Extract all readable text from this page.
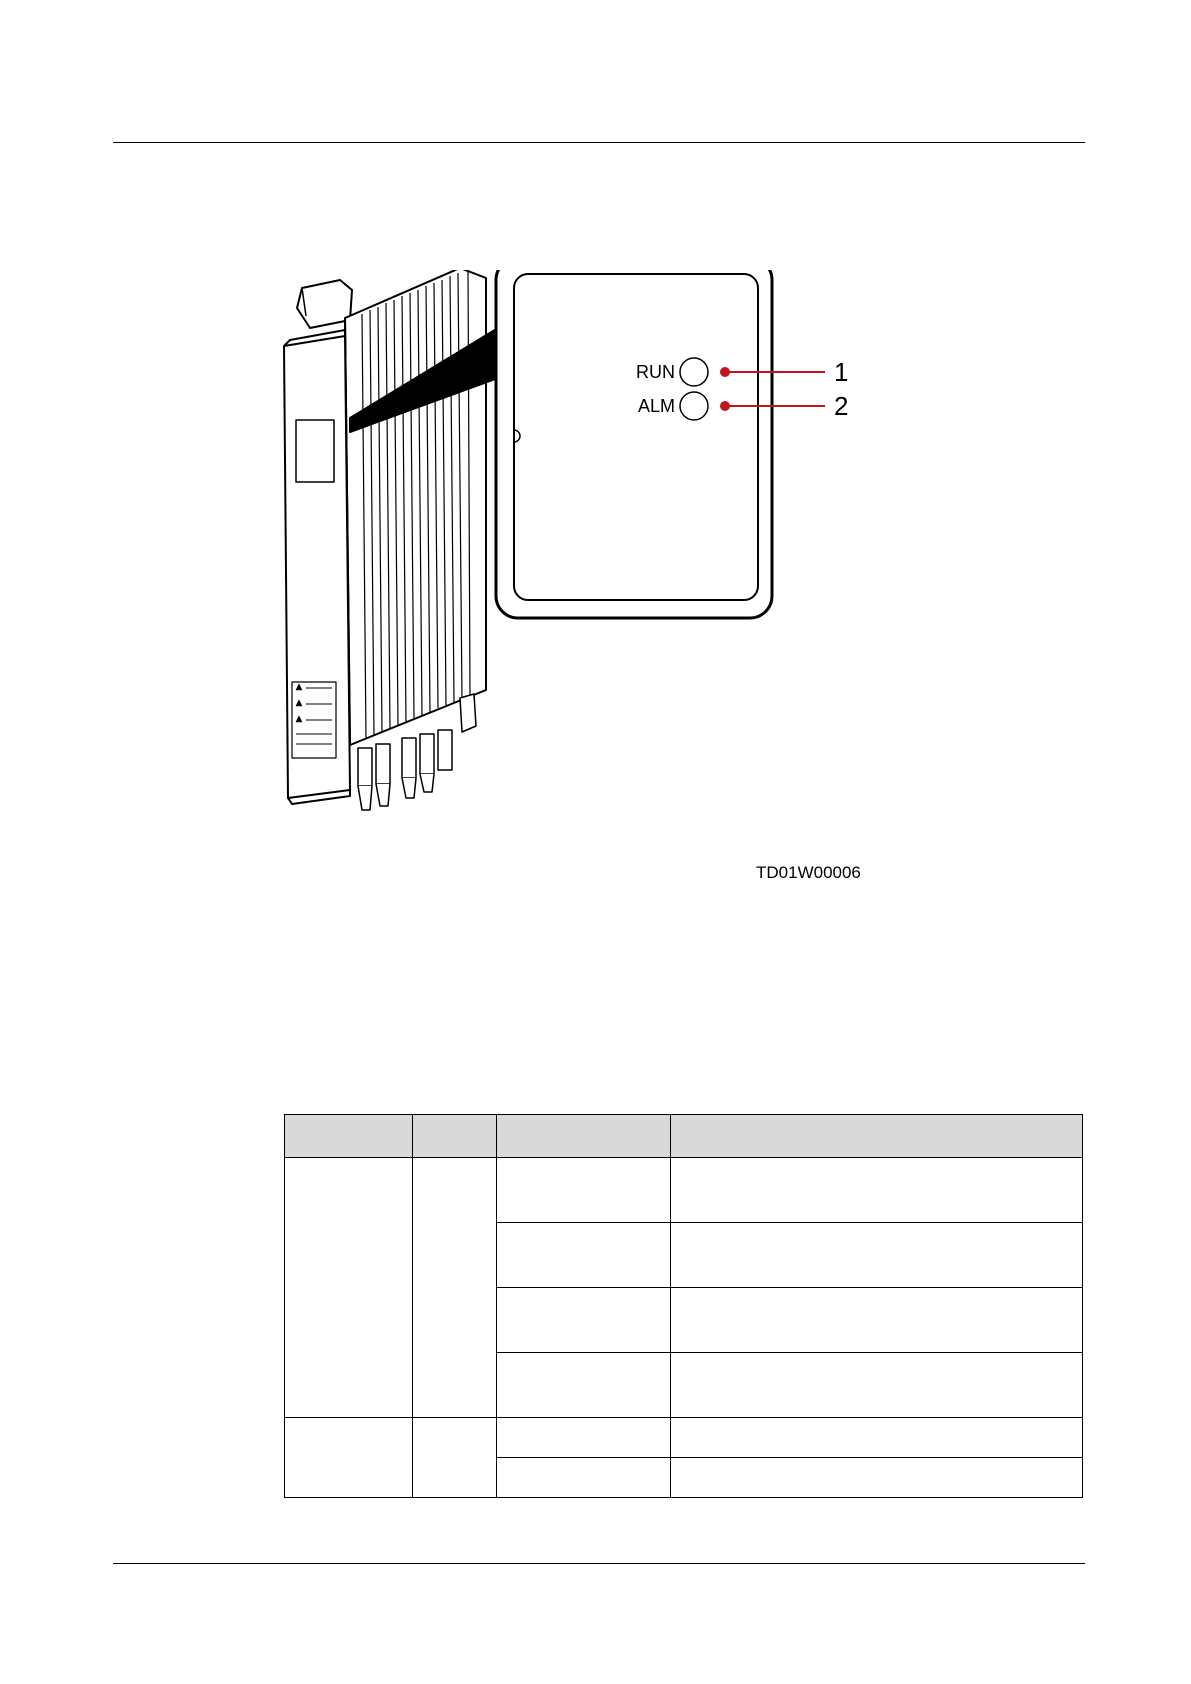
RUN
ALM
1
2
TD01W00006
